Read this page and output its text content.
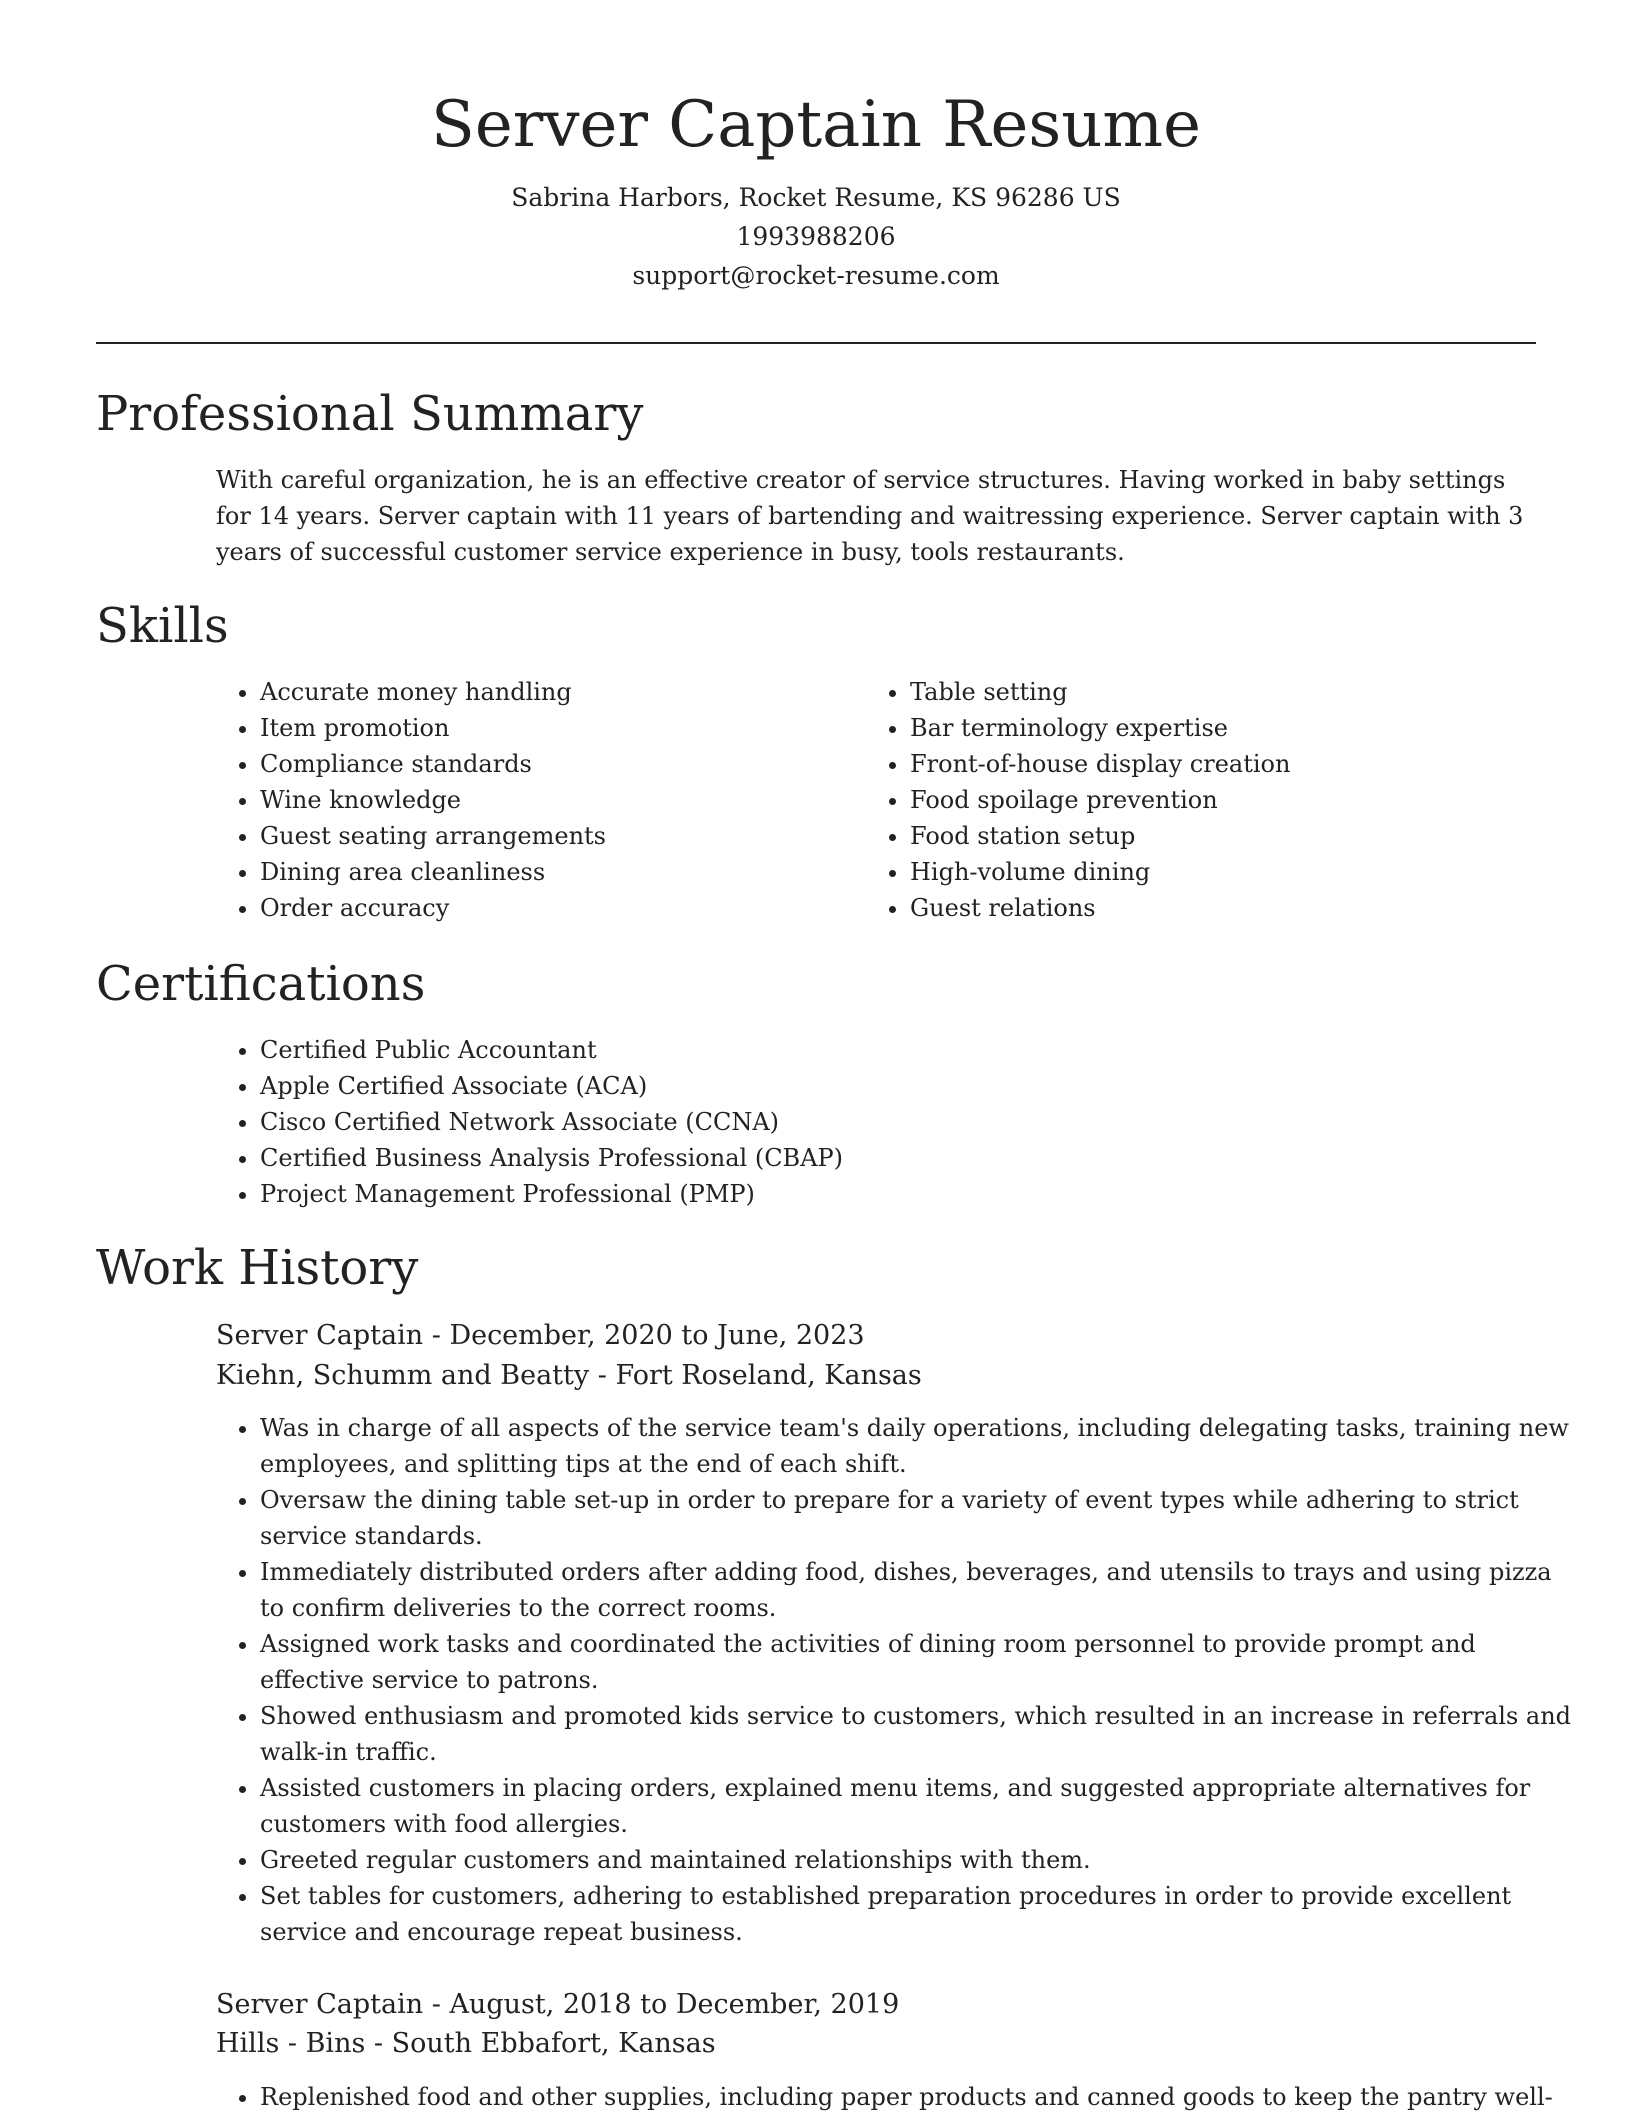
Server Captain Resume
Sabrina Harbors, Rocket Resume, KS 96286 US
1993988206
support@rocket-resume.com
Professional Summary

With careful organization, he is an effective creator of service structures. Having worked in baby settings for 14 years. Server captain with 11 years of bartending and waitressing experience. Server captain with 3 years of successful customer service experience in busy, tools restaurants.

Skills
• Accurate money handling
• Item promotion
• Compliance standards
• Wine knowledge
• Guest seating arrangements
• Dining area cleanliness
• Order accuracy
• Table setting
• Bar terminology expertise
• Front-of-house display creation
• Food spoilage prevention
• Food station setup
• High-volume dining
• Guest relations
Certifications
• Certified Public Accountant
• Apple Certified Associate (ACA)
• Cisco Certified Network Associate (CCNA)
• Certified Business Analysis Professional (CBAP)
• Project Management Professional (PMP)
Work History
Server Captain - December, 2020 to June, 2023
Kiehn, Schumm and Beatty - Fort Roseland, Kansas
• Was in charge of all aspects of the service team's daily operations, including delegating tasks, training new employees, and splitting tips at the end of each shift.
• Oversaw the dining table set-up in order to prepare for a variety of event types while adhering to strict service standards.
• Immediately distributed orders after adding food, dishes, beverages, and utensils to trays and using pizza to confirm deliveries to the correct rooms.
• Assigned work tasks and coordinated the activities of dining room personnel to provide prompt and effective service to patrons.
• Showed enthusiasm and promoted kids service to customers, which resulted in an increase in referrals and walk-in traffic.
• Assisted customers in placing orders, explained menu items, and suggested appropriate alternatives for customers with food allergies.
• Greeted regular customers and maintained relationships with them.
• Set tables for customers, adhering to established preparation procedures in order to provide excellent service and encourage repeat business.
Server Captain - August, 2018 to December, 2019
Hills - Bins - South Ebbafort, Kansas
• Replenished food and other supplies, including paper products and canned goods to keep the pantry well-
